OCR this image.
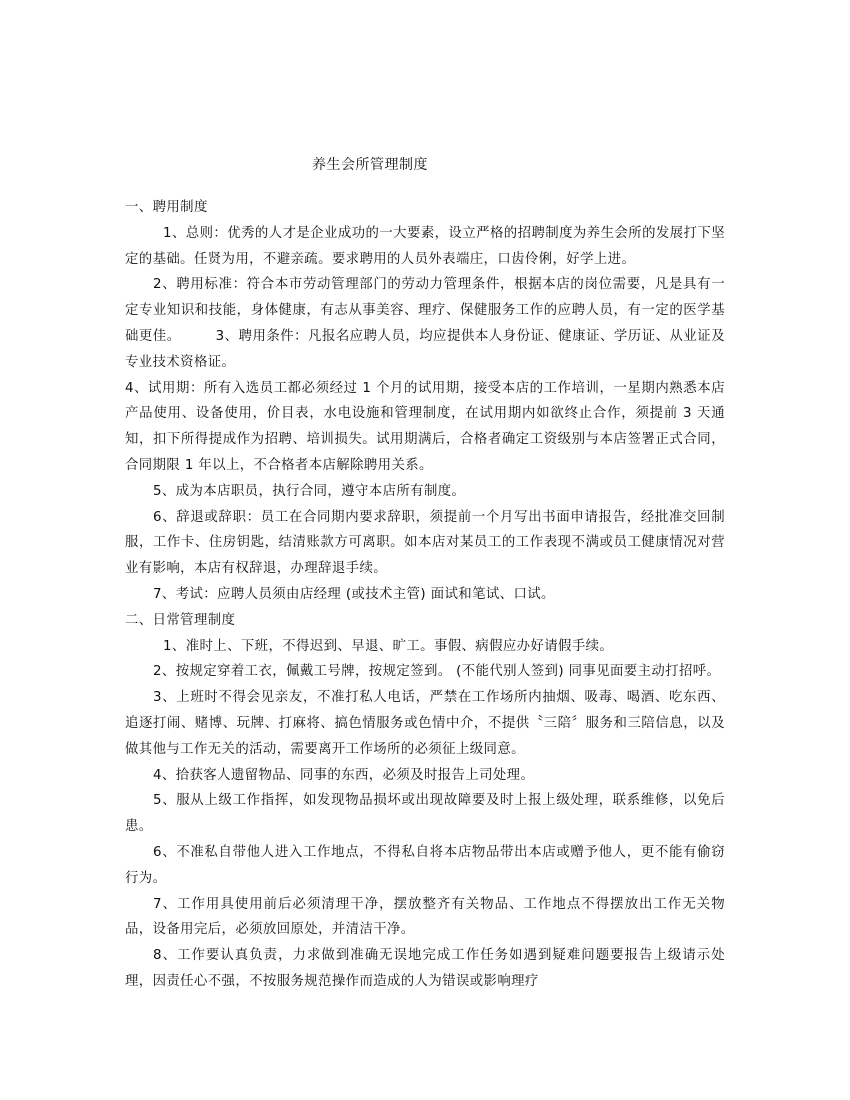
养生会所管理制度

一、聘用制度

1、总则：优秀的人才是企业成功的一大要素，设立严格的招聘制度为养生会所的发展打下坚定的基础。任贤为用，不避亲疏。要求聘用的人员外表端庄，口齿伶俐，好学上进。

2、聘用标准：符合本市劳动管理部门的劳动力管理条件，根据本店的岗位需要，凡是具有一定专业知识和技能，身体健康，有志从事美容、理疗、保健服务工作的应聘人员，有一定的医学基础更佳。　　　3、聘用条件：凡报名应聘人员，均应提供本人身份证、健康证、学历证、从业证及专业技术资格证。

4、试用期：所有入选员工都必须经过 1 个月的试用期，接受本店的工作培训，一星期内熟悉本店产品使用、设备使用，价目表，水电设施和管理制度，在试用期内如欲终止合作，须提前 3 天通知，扣下所得提成作为招聘、培训损失。试用期满后，合格者确定工资级别与本店签署正式合同，合同期限 1 年以上，不合格者本店解除聘用关系。

5、成为本店职员，执行合同，遵守本店所有制度。

6、辞退或辞职：员工在合同期内要求辞职，须提前一个月写出书面申请报告，经批准交回制服，工作卡、住房钥匙，结清账款方可离职。如本店对某员工的工作表现不满或员工健康情况对营业有影响，本店有权辞退，办理辞退手续。

7、考试：应聘人员须由店经理 (或技术主管) 面试和笔试、口试。

二、日常管理制度

1、准时上、下班，不得迟到、早退、旷工。事假、病假应办好请假手续。

2、按规定穿着工衣，佩戴工号牌，按规定签到。 (不能代别人签到) 同事见面要主动打招呼。

3、上班时不得会见亲友，不准打私人电话，严禁在工作场所内抽烟、吸毒、喝酒、吃东西、追逐打闹、赌博、玩牌、打麻将、搞色情服务或色情中介，不提供〝三陪〞服务和三陪信息，以及做其他与工作无关的活动，需要离开工作场所的必须征上级同意。

4、拾获客人遗留物品、同事的东西，必须及时报告上司处理。

5、服从上级工作指挥，如发现物品损坏或出现故障要及时上报上级处理，联系维修，以免后患。

6、不准私自带他人进入工作地点，不得私自将本店物品带出本店或赠予他人，更不能有偷窃行为。

7、工作用具使用前后必须清理干净，摆放整齐有关物品、工作地点不得摆放出工作无关物品，设备用完后，必须放回原处，并清洁干净。

8、工作要认真负责，力求做到准确无误地完成工作任务如遇到疑难问题要报告上级请示处理，因责任心不强，不按服务规范操作而造成的人为错误或影响理疗
